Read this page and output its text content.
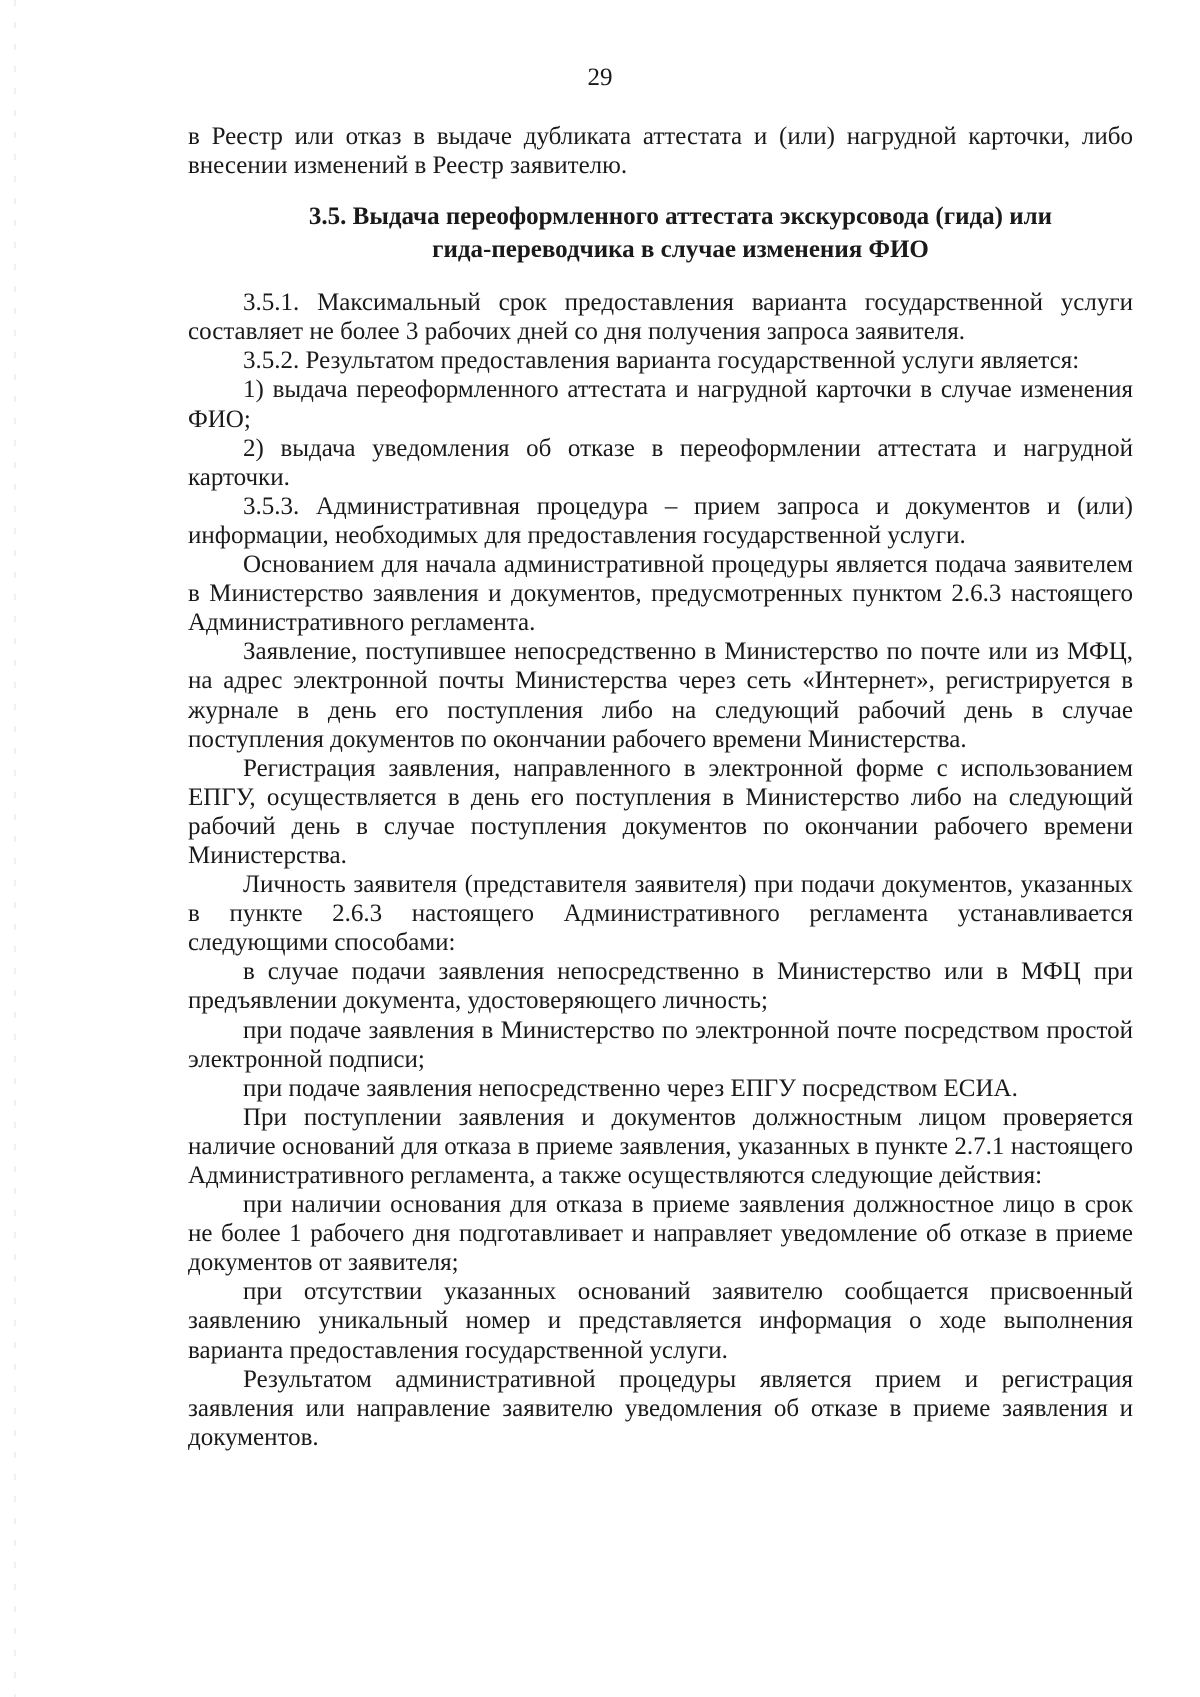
29

в Реестр или отказ в выдаче дубликата аттестата и (или) нагрудной карточки, либо внесении изменений в Реестр заявителю.

3.5. Выдача переоформленного аттестата экскурсовода (гида) или
гида-переводчика в случае изменения ФИО

3.5.1. Максимальный срок предоставления варианта государственной услуги составляет не более 3 рабочих дней со дня получения запроса заявителя.

3.5.2. Результатом предоставления варианта государственной услуги является:

1) выдача переоформленного аттестата и нагрудной карточки в случае изменения ФИО;

2) выдача уведомления об отказе в переоформлении аттестата и нагрудной карточки.

3.5.3. Административная процедура – прием запроса и документов и (или) информации, необходимых для предоставления государственной услуги.

Основанием для начала административной процедуры является подача заявителем в Министерство заявления и документов, предусмотренных пунктом 2.6.3 настоящего Административного регламента.

Заявление, поступившее непосредственно в Министерство по почте или из МФЦ, на адрес электронной почты Министерства через сеть «Интернет», регистрируется в журнале в день его поступления либо на следующий рабочий день в случае поступления документов по окончании рабочего времени Министерства.

Регистрация заявления, направленного в электронной форме с использованием ЕПГУ, осуществляется в день его поступления в Министерство либо на следующий рабочий день в случае поступления документов по окончании рабочего времени Министерства.

Личность заявителя (представителя заявителя) при подачи документов, указанных в пункте 2.6.3 настоящего Административного регламента устанавливается следующими способами:

в случае подачи заявления непосредственно в Министерство или в МФЦ при предъявлении документа, удостоверяющего личность;

при подаче заявления в Министерство по электронной почте посредством простой электронной подписи;

при подаче заявления непосредственно через ЕПГУ посредством ЕСИА.

При поступлении заявления и документов должностным лицом проверяется наличие оснований для отказа в приеме заявления, указанных в пункте 2.7.1 настоящего Административного регламента, а также осуществляются следующие действия:

при наличии основания для отказа в приеме заявления должностное лицо в срок не более 1 рабочего дня подготавливает и направляет уведомление об отказе в приеме документов от заявителя;

при отсутствии указанных оснований заявителю сообщается присвоенный заявлению уникальный номер и представляется информация о ходе выполнения варианта предоставления государственной услуги.

Результатом административной процедуры является прием и регистрация заявления или направление заявителю уведомления об отказе в приеме заявления и документов.
